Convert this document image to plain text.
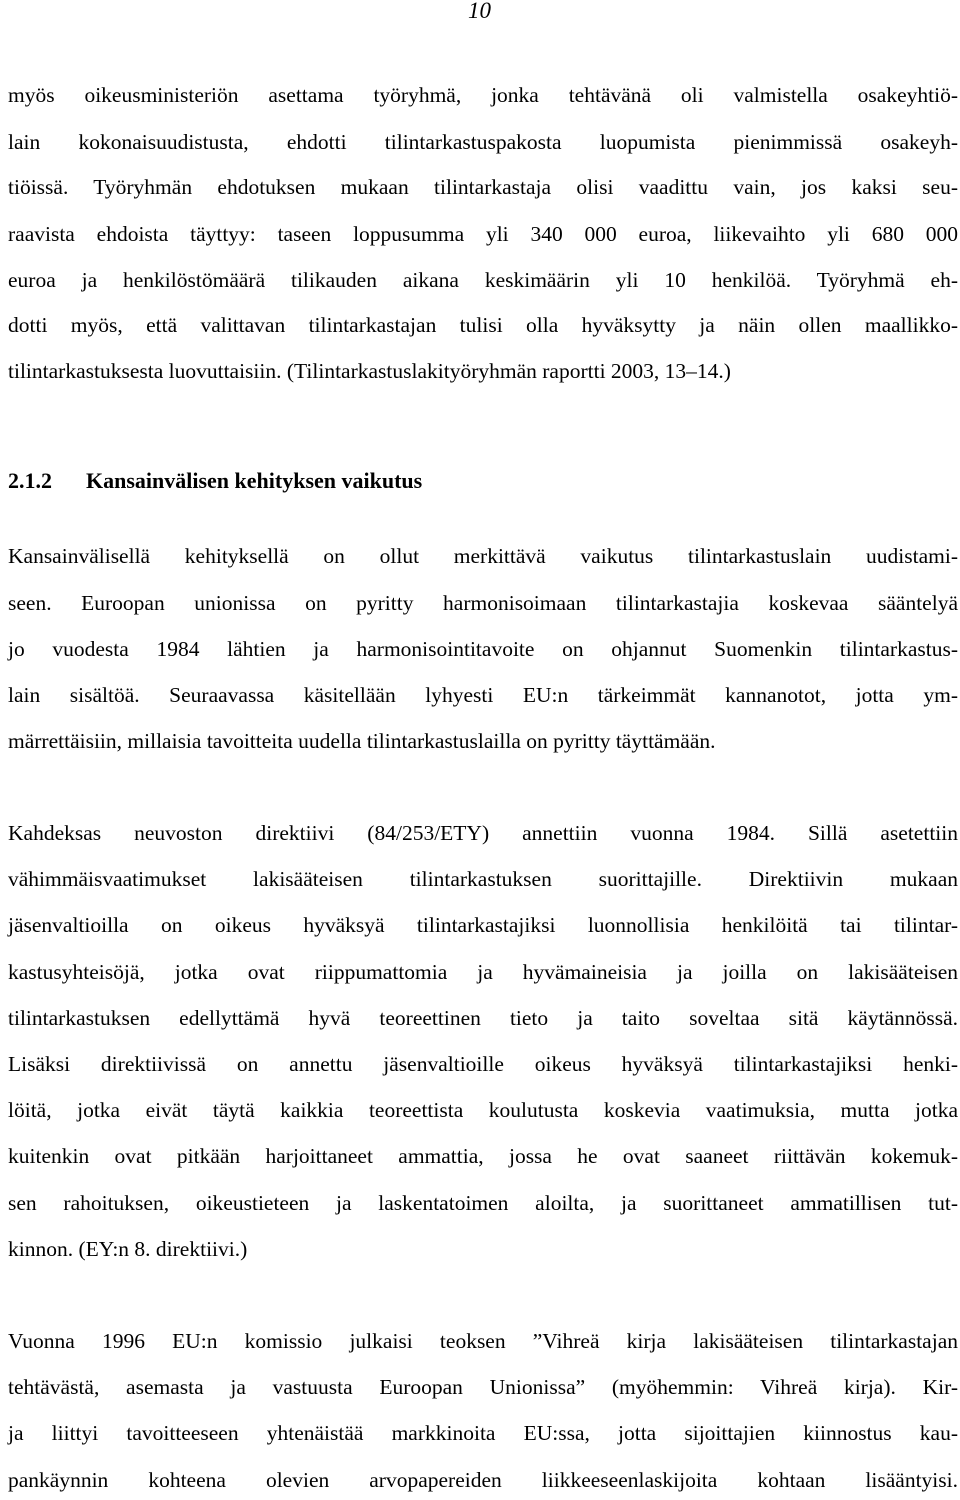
10
myös oikeusministeriön asettama työryhmä, jonka tehtävänä oli valmistella osakeyhtiö-
lain kokonaisuudistusta, ehdotti tilintarkastuspakosta luopumista pienimmissä osakeyh-
tiöissä. Työryhmän ehdotuksen mukaan tilintarkastaja olisi vaadittu vain, jos kaksi seu-
raavista ehdoista täyttyy: taseen loppusumma yli 340 000 euroa, liikevaihto yli 680 000
euroa ja henkilöstömäärä tilikauden aikana keskimäärin yli 10 henkilöä. Työryhmä eh-
dotti myös, että valittavan tilintarkastajan tulisi olla hyväksytty ja näin ollen maallikko-
tilintarkastuksesta luovuttaisiin. (Tilintarkastuslakityöryhmän raportti 2003, 13–14.)
2.1.2 Kansainvälisen kehityksen vaikutus
Kansainvälisellä kehityksellä on ollut merkittävä vaikutus tilintarkastuslain uudistami-
seen. Euroopan unionissa on pyritty harmonisoimaan tilintarkastajia koskevaa sääntelyä
jo vuodesta 1984 lähtien ja harmonisointitavoite on ohjannut Suomenkin tilintarkastus-
lain sisältöä. Seuraavassa käsitellään lyhyesti EU:n tärkeimmät kannanotot, jotta ym-
märrettäisiin, millaisia tavoitteita uudella tilintarkastuslailla on pyritty täyttämään.
Kahdeksas neuvoston direktiivi (84/253/ETY) annettiin vuonna 1984. Sillä asetettiin
vähimmäisvaatimukset lakisääteisen tilintarkastuksen suorittajille. Direktiivin mukaan
jäsenvaltioilla on oikeus hyväksyä tilintarkastajiksi luonnollisia henkilöitä tai tilintar-
kastusyhteisöjä, jotka ovat riippumattomia ja hyvämaineisia ja joilla on lakisääteisen
tilintarkastuksen edellyttämä hyvä teoreettinen tieto ja taito soveltaa sitä käytännössä.
Lisäksi direktiivissä on annettu jäsenvaltioille oikeus hyväksyä tilintarkastajiksi henki-
löitä, jotka eivät täytä kaikkia teoreettista koulutusta koskevia vaatimuksia, mutta jotka
kuitenkin ovat pitkään harjoittaneet ammattia, jossa he ovat saaneet riittävän kokemuk-
sen rahoituksen, oikeustieteen ja laskentatoimen aloilta, ja suorittaneet ammatillisen tut-
kinnon. (EY:n 8. direktiivi.)
Vuonna 1996 EU:n komissio julkaisi teoksen ”Vihreä kirja lakisääteisen tilintarkastajan
tehtävästä, asemasta ja vastuusta Euroopan Unionissa” (myöhemmin: Vihreä kirja). Kir-
ja liittyi tavoitteeseen yhtenäistää markkinoita EU:ssa, jotta sijoittajien kiinnostus kau-
pankäynnin kohteena olevien arvopapereiden liikkeeseenlaskijoita kohtaan lisääntyisi.
